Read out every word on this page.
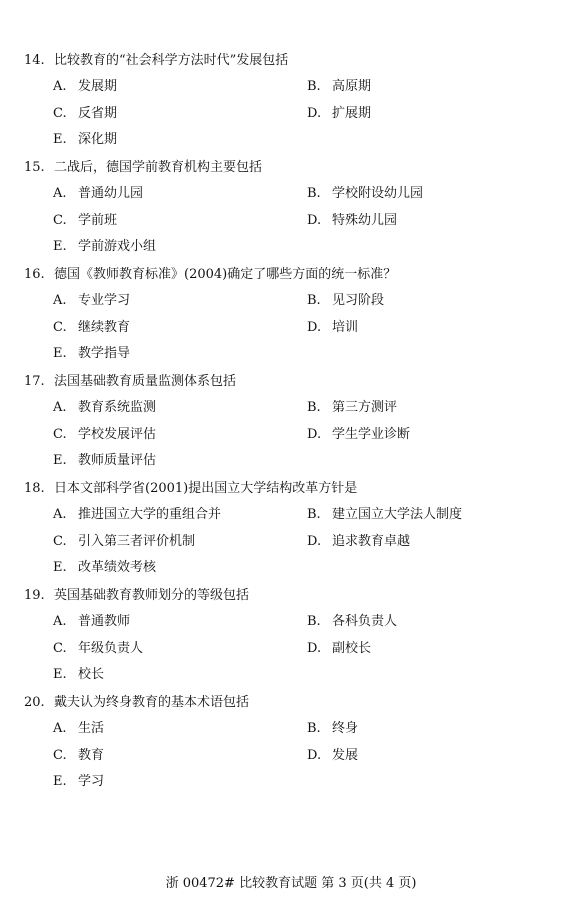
14. 比较教育的“社会科学方法时代”发展包括
A. 发展期	B. 高原期
C. 反省期	D. 扩展期
E. 深化期
15. 二战后，德国学前教育机构主要包括
A. 普通幼儿园	B. 学校附设幼儿园
C. 学前班	D. 特殊幼儿园
E. 学前游戏小组
16. 德国《教师教育标准》(2004)确定了哪些方面的统一标准？
A. 专业学习	B. 见习阶段
C. 继续教育	D. 培训
E. 教学指导
17. 法国基础教育质量监测体系包括
A. 教育系统监测	B. 第三方测评
C. 学校发展评估	D. 学生学业诊断
E. 教师质量评估
18. 日本文部科学省(2001)提出国立大学结构改革方针是
A. 推进国立大学的重组合并	B. 建立国立大学法人制度
C. 引入第三者评价机制	D. 追求教育卓越
E. 改革绩效考核
19. 英国基础教育教师划分的等级包括
A. 普通教师	B. 各科负责人
C. 年级负责人	D. 副校长
E. 校长
20. 戴夫认为终身教育的基本术语包括
A. 生活	B. 终身
C. 教育	D. 发展
E. 学习
浙 00472# 比较教育试题 第 3 页(共 4 页)
